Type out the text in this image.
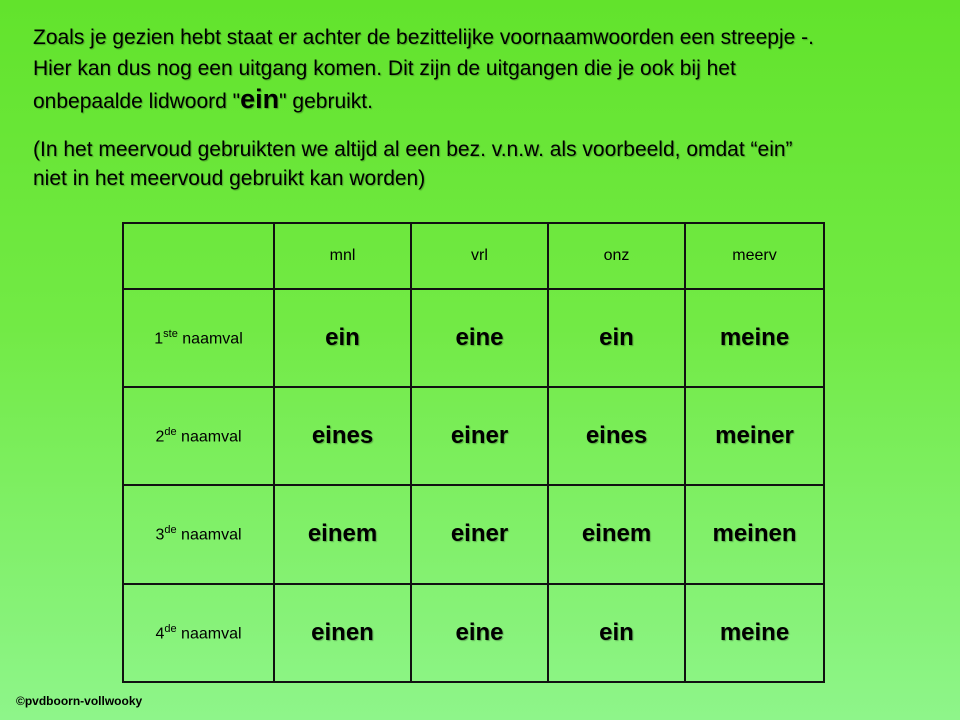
Zoals je gezien hebt staat er achter de bezittelijke voornaamwoorden een streepje -.
Hier kan dus nog een uitgang komen. Dit zijn de uitgangen die je ook bij het
onbepaalde lidwoord "ein" gebruikt.
(In het meervoud gebruikten we altijd al een bez. v.n.w. als voorbeeld, omdat “ein”
niet in het meervoud gebruikt kan worden)
	mnl	vrl	onz	meerv
1ste naamval	ein	eine	ein	meine
2de naamval	eines	einer	eines	meiner
3de naamval	einem	einer	einem	meinen
4de naamval	einen	eine	ein	meine
©pvdboorn-vollwooky
